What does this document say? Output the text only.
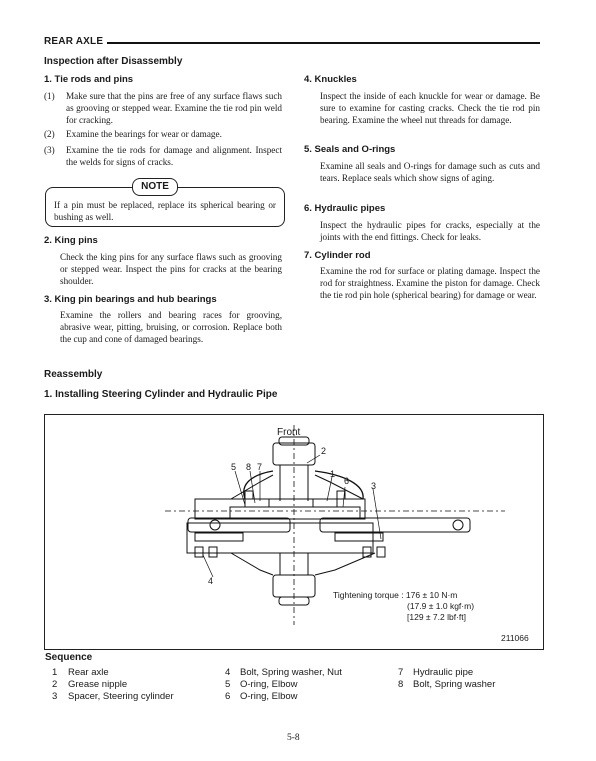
REAR AXLE
Inspection after Disassembly
1. Tie rods and pins
(1) Make sure that the pins are free of any surface flaws such as grooving or stepped wear. Examine the tie rod pin weld for cracking.
(2) Examine the bearings for wear or damage.
(3) Examine the tie rods for damage and alignment. Inspect the welds for signs of cracks.
NOTE
If a pin must be replaced, replace its spherical bearing or bushing as well.
2. King pins
Check the king pins for any surface flaws such as grooving or stepped wear. Inspect the pins for cracks at the bearing shoulder.
3. King pin bearings and hub bearings
Examine the rollers and bearing races for grooving, abrasive wear, pitting, bruising, or corrosion. Replace both the cup and cone of damaged bearings.
4. Knuckles
Inspect the inside of each knuckle for wear or damage. Be sure to examine for casting cracks. Check the tie rod pin bearing. Examine the wheel nut threads for damage.
5. Seals and O-rings
Examine all seals and O-rings for damage such as cuts and tears. Replace seals which show signs of aging.
6. Hydraulic pipes
Inspect the hydraulic pipes for cracks, especially at the joints with the end fittings. Check for leaks.
7. Cylinder rod
Examine the rod for surface or plating damage. Inspect the rod for straightness. Examine the piston for damage. Check the tie rod pin hole (spherical bearing) for damage or wear.
Reassembly
1. Installing Steering Cylinder and Hydraulic Pipe
Front
5 8 7
2
1
6 3
4
Tightening torque : 176 ± 10 N·m
(17.9 ± 1.0 kgf·m)
[129 ± 7.2 lbf·ft]
211066
Sequence
1 Rear axle
2 Grease nipple
3 Spacer, Steering cylinder
4 Bolt, Spring washer, Nut
5 O-ring, Elbow
6 O-ring, Elbow
7 Hydraulic pipe
8 Bolt, Spring washer
5-8
